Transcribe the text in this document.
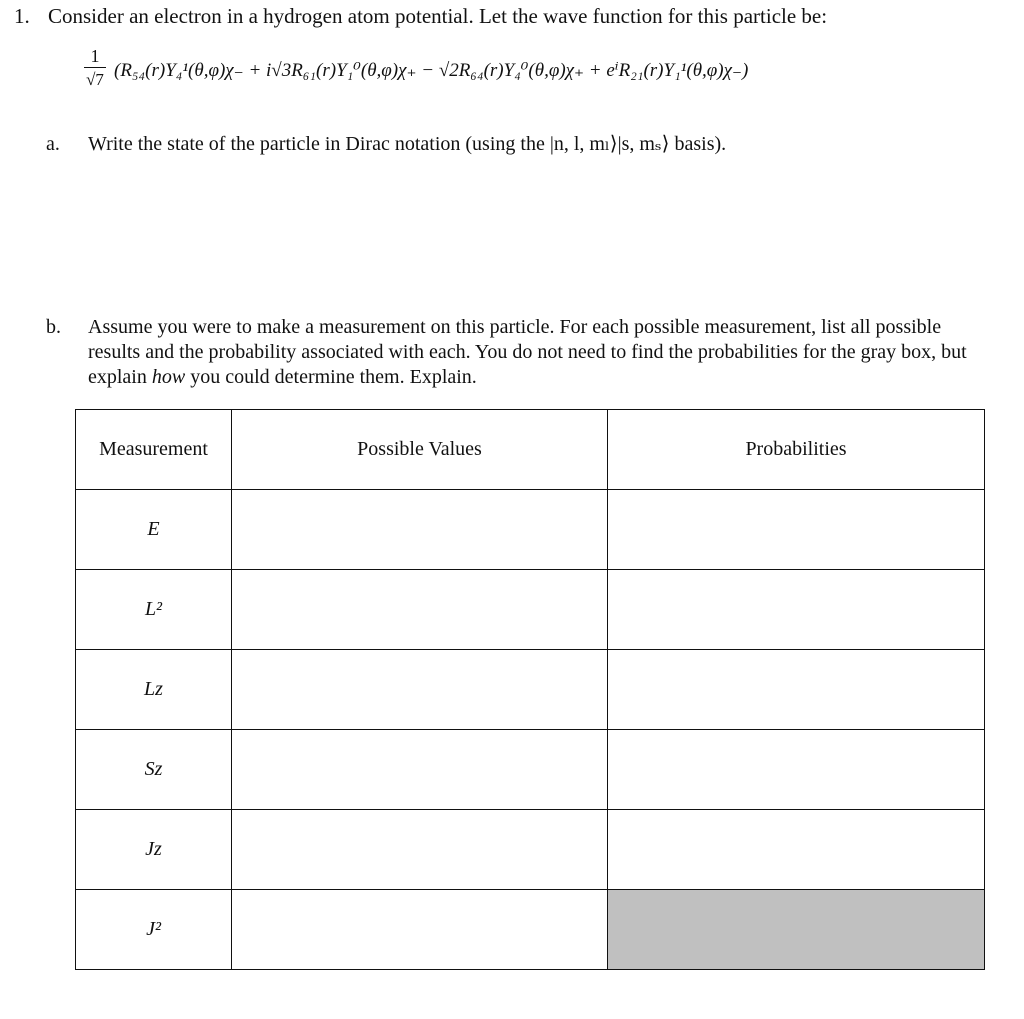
1. Consider an electron in a hydrogen atom potential. Let the wave function for this particle be:
1
√7 (R₅₄(r)Y₄¹(θ,φ)χ₋ + i√3R₆₁(r)Y₁⁰(θ,φ)χ₊ − √2R₆₄(r)Y₄⁰(θ,φ)χ₊ + eⁱR₂₁(r)Y₁¹(θ,φ)χ₋)
a. Write the state of the particle in Dirac notation (using the |n, l, mₗ⟩|s, mₛ⟩ basis).
b. Assume you were to make a measurement on this particle. For each possible measurement, list all possible results and the probability associated with each. You do not need to find the probabilities for the gray box, but explain how you could determine them. Explain.
Measurement	Possible Values	Probabilities
E		
L²		
Lz		
Sz		
Jz		
J²		
